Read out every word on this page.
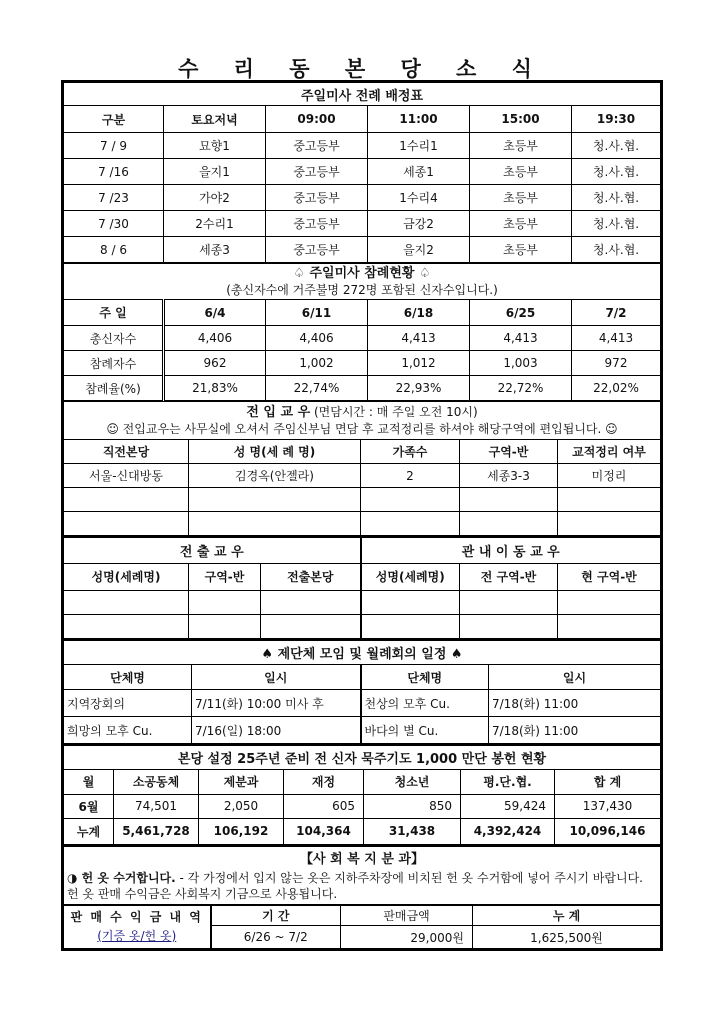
수 리 동 본 당 소 식
주일미사 전례 배정표					
구분	토요저녁	09:00	11:00	15:00	19:30
7 / 9	묘향1	중고등부	1수리1	초등부	청.사.협.
7 /16	을지1	중고등부	세종1	초등부	청.사.협.
7 /23	가야2	중고등부	1수리4	초등부	청.사.협.
7 /30	2수리1	중고등부	금강2	초등부	청.사.협.
8 / 6	세종3	중고등부	을지2	초등부	청.사.협.
♤ 주일미사 참례현황 ♤
(총신자수에 거주불명 272명 포함된 신자수입니다.)					

주 일	6/4	6/11	6/18	6/25	7/2
총신자수	4,406	4,406	4,413	4,413	4,413
참례자수	962	1,002	1,012	1,003	972
참례율(%)	21,83%	22,74%	22,93%	22,72%	22,02%
전 입 교 우 (면담시간 : 매 주일 오전 10시)
☺ 전입교우는 사무실에 오셔서 주임신부님 면담 후 교적정리를 하셔야 해당구역에 편입됩니다. ☺				

직전본당	성 명(세 례 명)	가족수	구역-반	교적정리 여부
서울-신대방동	김경옥(안젤라)	2	세종3-3	미정리

전 출 교 우			관 내 이 동 교 우		
성명(세례명)	구역-반	전출본당	성명(세례명)	전 구역-반	현 구역-반

♠ 제단체 모임 및 월례회의 일정 ♠			
단체명	일시	단체명	일시
지역장회의	7/11(화) 10:00 미사 후	천상의 모후 Cu.	7/18(화) 11:00
희망의 모후 Cu.	7/16(일) 18:00	바다의 별 Cu.	7/18(화) 11:00
본당 설정 25주년 준비 전 신자 묵주기도 1,000 만단 봉헌 현황						
월	소공동체	제분과	재정	청소년	평.단.협.	합 계
6월	74,501	2,050	605	850	59,424	137,430
누계	5,461,728	106,192	104,364	31,438	4,392,424	10,096,146
【사 회 복 지 분 과】			
◑ 헌 옷 수거합니다. - 각 가정에서 입지 않는 옷은 지하주차장에 비치된 헌 옷 수거함에 넣어 주시기 바랍니다. 헌 옷 판매 수익금은 사회복지 기금으로 사용됩니다.			

판 매 수 익 금 내 역
(기증 옷/헌 옷)	기 간	판매금액	누 계
	6/26 ~ 7/2	29,000원	1,625,500원
